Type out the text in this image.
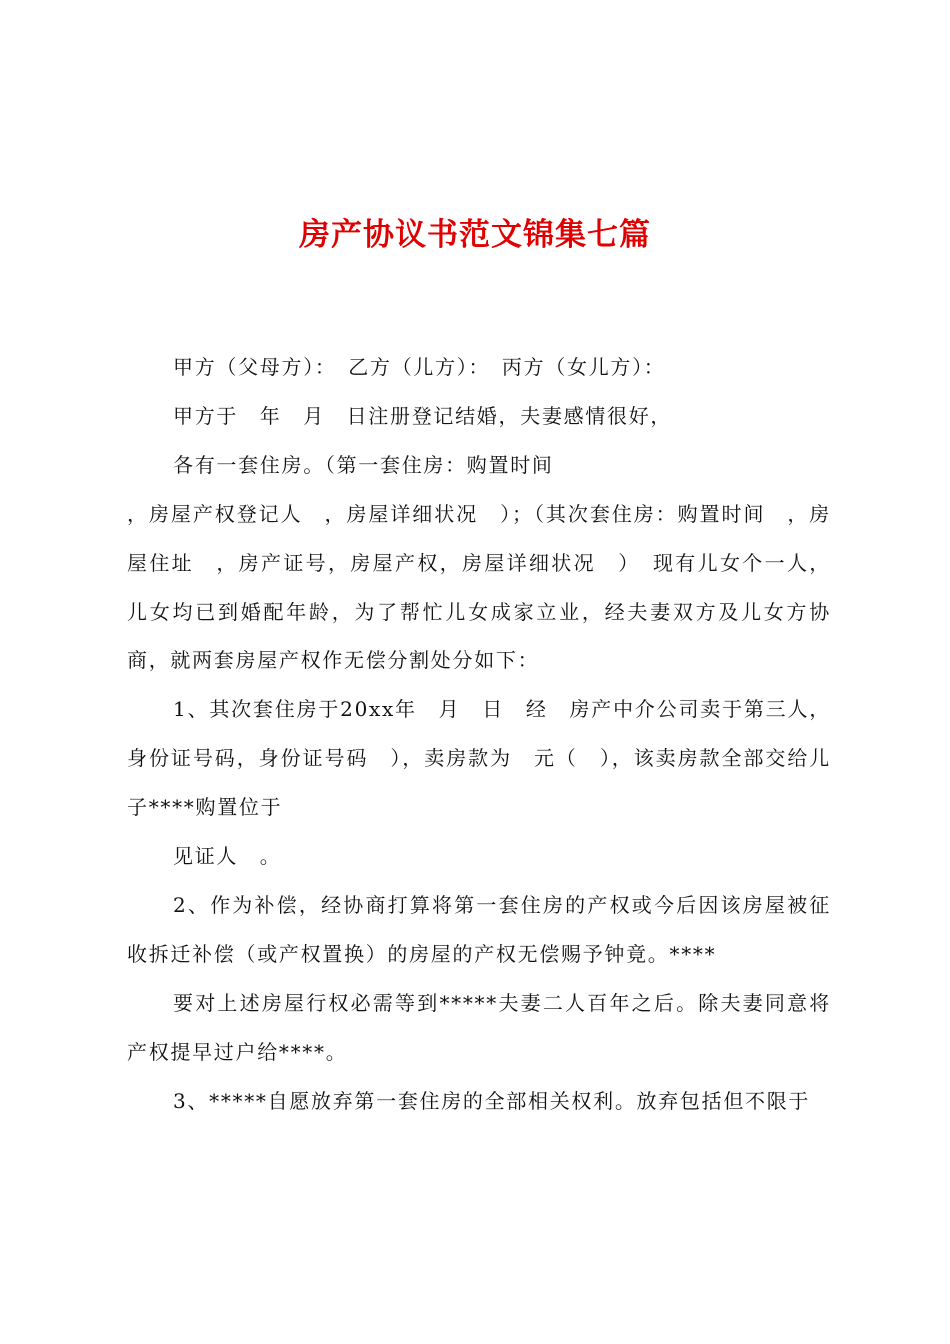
房产协议书范文锦集七篇

甲方（父母方）：　乙方（儿方）：　丙方（女儿方）：

甲方于　年　月　日注册登记结婚，夫妻感情很好，

各有一套住房。（第一套住房：购置时间

，房屋产权登记人　，房屋详细状况　）；（其次套住房：购置时间　，房屋住址　，房产证号，房屋产权，房屋详细状况　）　现有儿女个一人，儿女均已到婚配年龄，为了帮忙儿女成家立业，经夫妻双方及儿女方协商，就两套房屋产权作无偿分割处分如下：

1、其次套住房于20xx年　月　日　经　房产中介公司卖于第三人，身份证号码，身份证号码　），卖房款为　元（　），该卖房款全部交给儿子****购置位于

见证人　。

2、作为补偿，经协商打算将第一套住房的产权或今后因该房屋被征收拆迁补偿（或产权置换）的房屋的产权无偿赐予钟竟。****

要对上述房屋行权必需等到*****夫妻二人百年之后。除夫妻同意将产权提早过户给****。

3、*****自愿放弃第一套住房的全部相关权利。放弃包括但不限于
